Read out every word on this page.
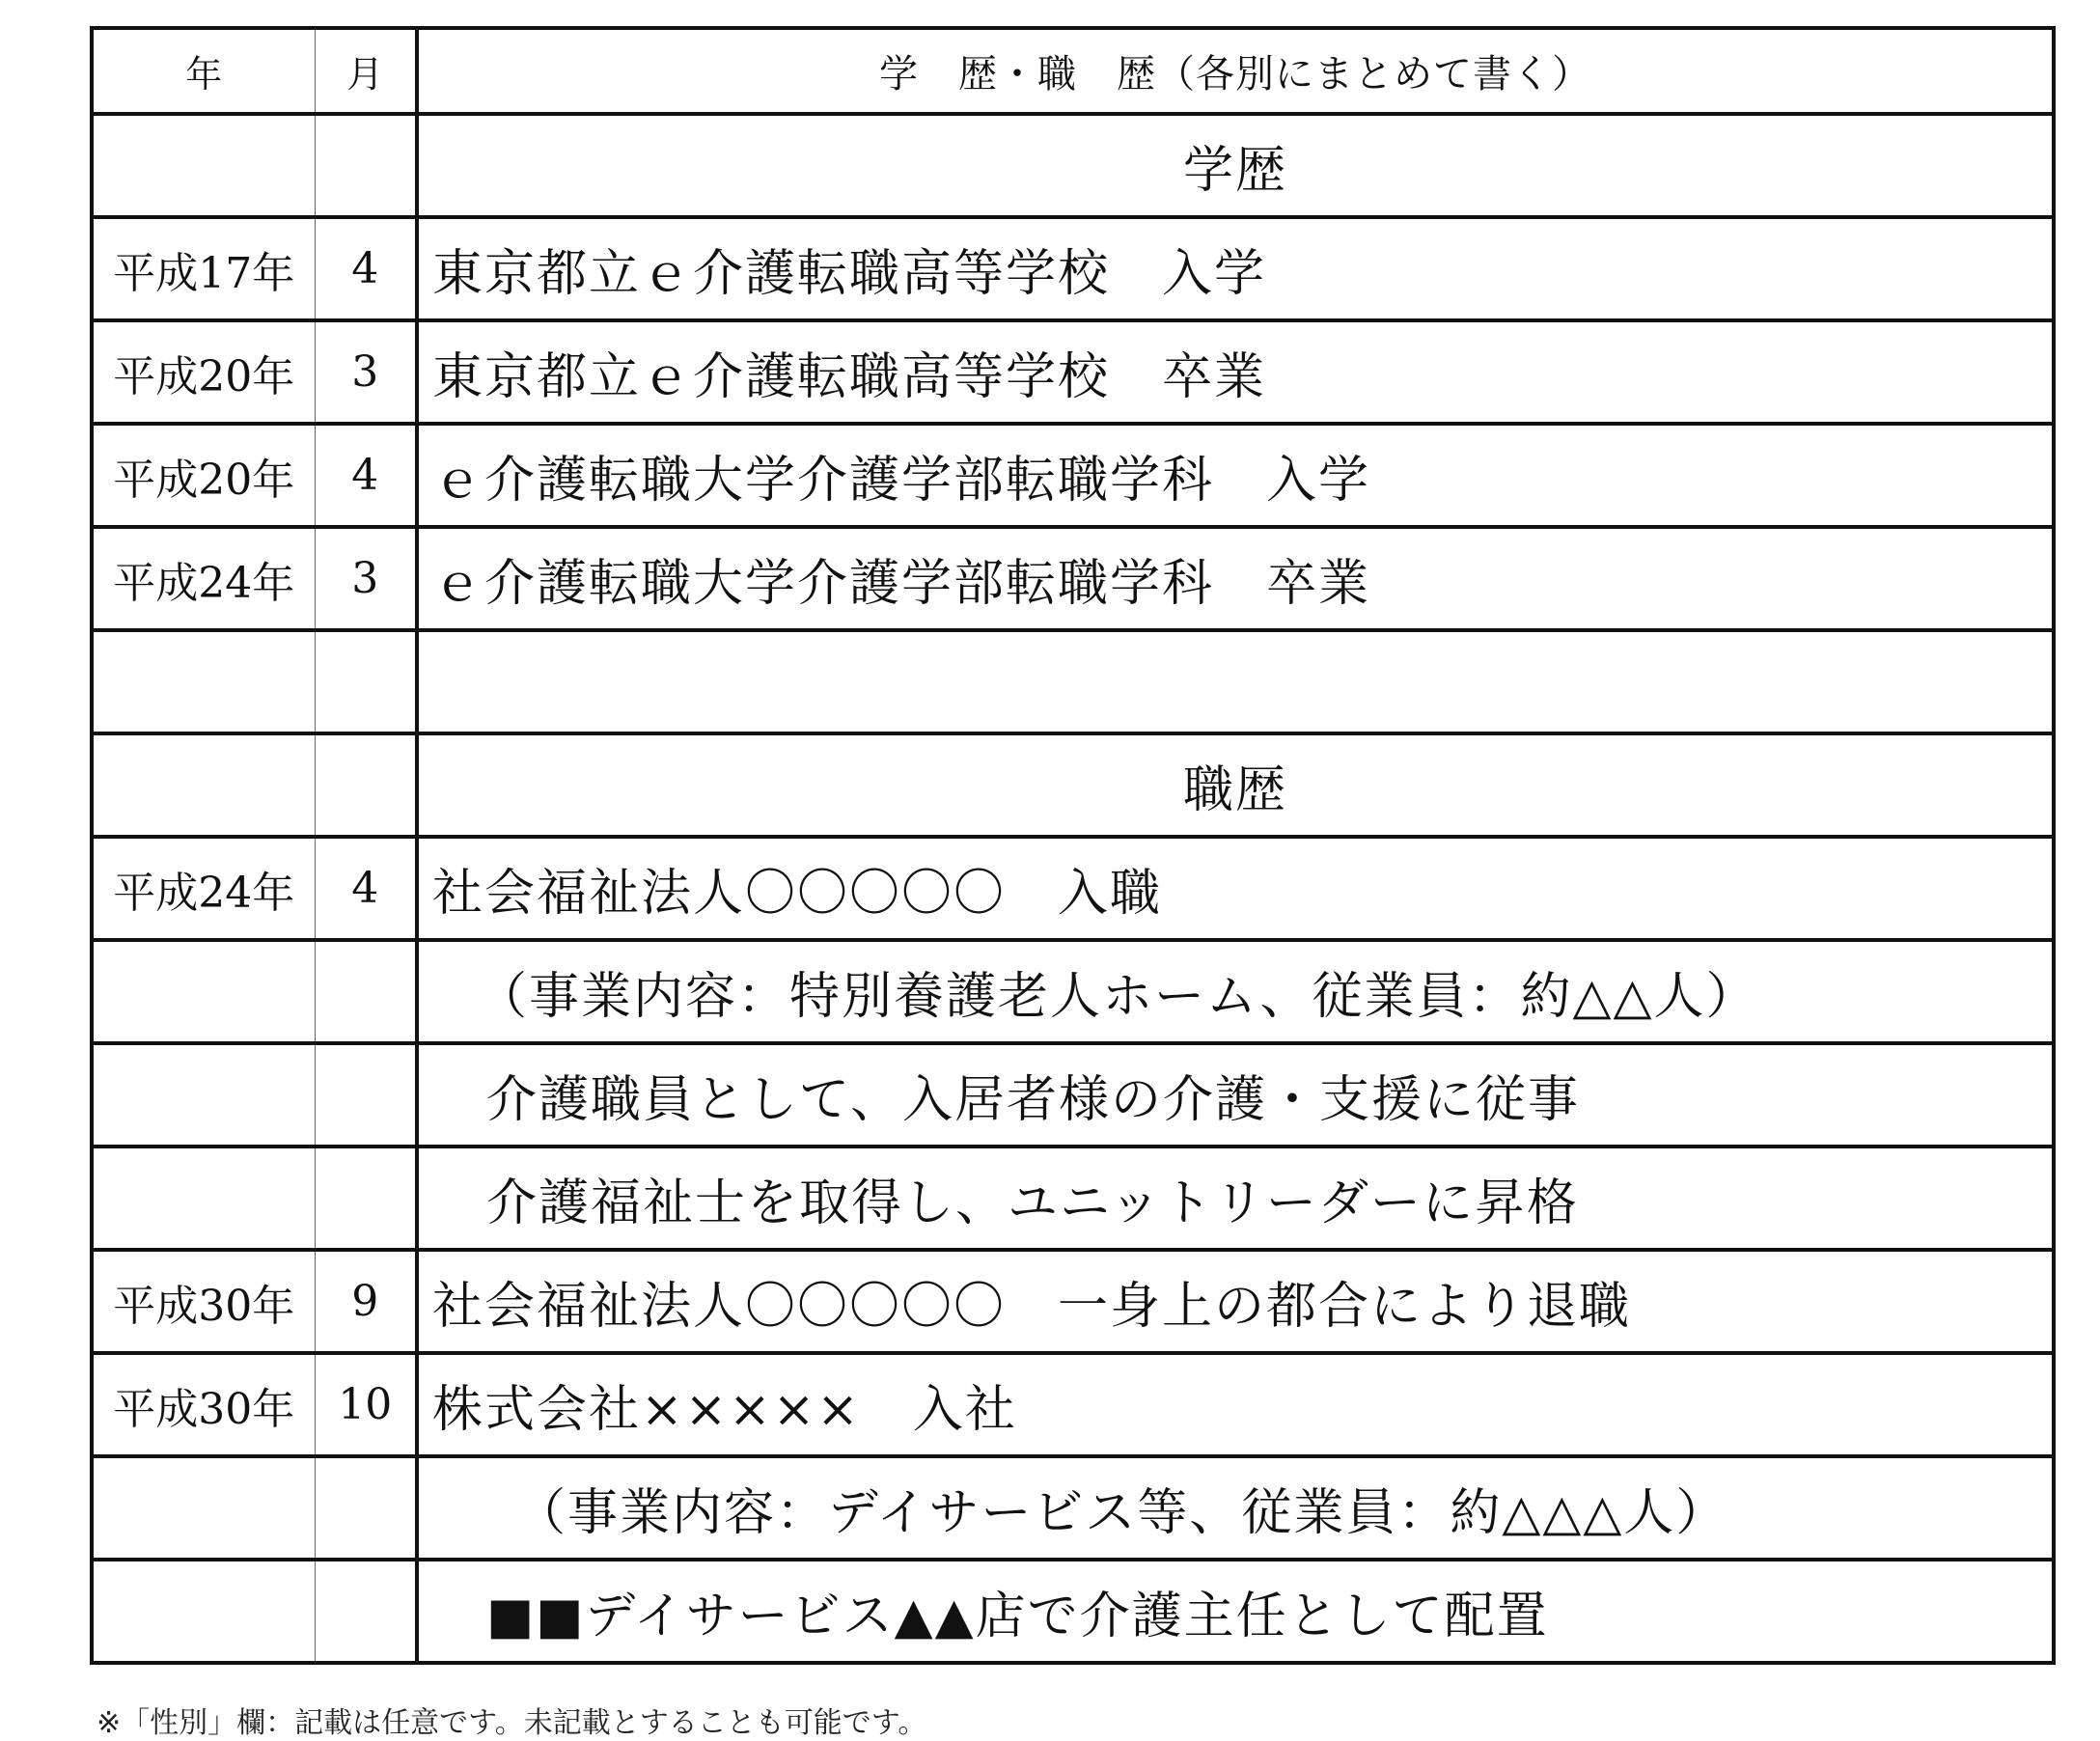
年	月	学　歴・職　歴（各別にまとめて書く）
		学歴
平成17年	4	東京都立ｅ介護転職高等学校　入学
平成20年	3	東京都立ｅ介護転職高等学校　卒業
平成20年	4	ｅ介護転職大学介護学部転職学科　入学
平成24年	3	ｅ介護転職大学介護学部転職学科　卒業

		職歴
平成24年	4	社会福祉法人〇〇〇〇〇　入職
		（事業内容：特別養護老人ホーム、従業員：約△△人）
		介護職員として、入居者様の介護・支援に従事
		介護福祉士を取得し、ユニットリーダーに昇格
平成30年	9	社会福祉法人〇〇〇〇〇　一身上の都合により退職
平成30年	10	株式会社×××××　入社
		（事業内容：デイサービス等、従業員：約△△△人）
		■■デイサービス▲▲店で介護主任として配置
※「性別」欄：記載は任意です。未記載とすることも可能です。
